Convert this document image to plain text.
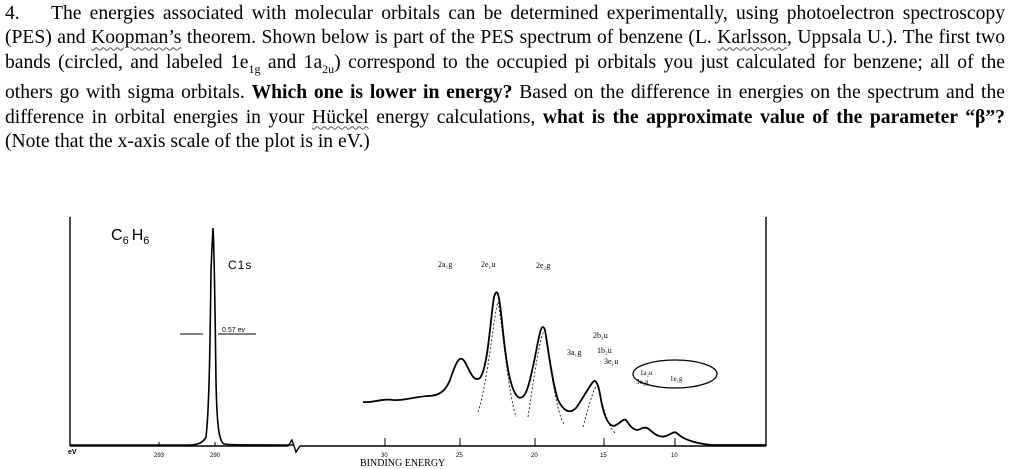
4. The energies associated with molecular orbitals can be determined experimentally, using photoelectron spectroscopy (PES) and Koopman’s theorem. Shown below is part of the PES spectrum of benzene (L. Karlsson, Uppsala U.). The first two bands (circled, and labeled $1e_{1g}$ and $1a_{2u}$) correspond to the occupied pi orbitals you just calculated for benzene; all of the others go with sigma orbitals. Which one is lower in energy? Based on the difference in energies on the spectrum and the difference in orbital energies in your Hückel energy calculations, what is the approximate value of the parameter “β”? (Note that the x-axis scale of the plot is in eV.)
$C_6$ $H_6$
C1s
0.57 ev
eV	293	290	30	25	20	15	10
BINDING ENERGY
2a₁g	2e₁u	2e₂g
2b₁u
3a₁g 1b₂u
3e₁u
1a₂u
3e₂g	1e₁g
